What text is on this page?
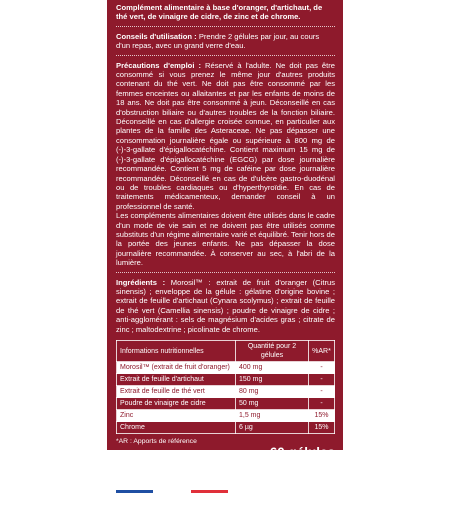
Complément alimentaire à base d'oranger, d'artichaut, de thé vert, de vinaigre de cidre, de zinc et de chrome.

Conseils d'utilisation : Prendre 2 gélules par jour, au cours d'un repas, avec un grand verre d'eau.

Précautions d'emploi : Réservé à l'adulte. Ne doit pas être consommé si vous prenez le même jour d'autres produits contenant du thé vert. Ne doit pas être consommé par les femmes enceintes ou allaitantes et par les enfants de moins de 18 ans. Ne doit pas être consommé à jeun. Déconseillé en cas d'obstruction biliaire ou d'autres troubles de la fonction biliaire. Déconseillé en cas d'allergie croisée connue, en particulier aux plantes de la famille des Asteraceae. Ne pas dépasser une consommation journalière égale ou supérieure à 800 mg de (-)-3-gallate d'épigallocatéchine. Contient maximum 15 mg de (-)-3-gallate d'épigallocatéchine (EGCG) par dose journalière recommandée. Contient 5 mg de caféine par dose journalière recommandée. Déconseillé en cas de d'ulcère gastro-duodénal ou de troubles cardiaques ou d'hyperthyroïdie. En cas de traitements médicamenteux, demander conseil à un professionnel de santé.

Les compléments alimentaires doivent être utilisés dans le cadre d'un mode de vie sain et ne doivent pas être utilisés comme substituts d'un régime alimentaire varié et équilibré. Tenir hors de la portée des jeunes enfants. Ne pas dépasser la dose journalière recommandée. À conserver au sec, à l'abri de la lumière.

Ingrédients : Morosil™ : extrait de fruit d'oranger (Citrus sinensis) ; enveloppe de la gélule : gélatine d'origine bovine ; extrait de feuille d'artichaut (Cynara scolymus) ; extrait de feuille de thé vert (Camellia sinensis) ; poudre de vinaigre de cidre ; anti-agglomérant : sels de magnésium d'acides gras ; citrate de zinc ; maltodextrine ; picolinate de chrome.

Informations nutritionnelles	Quantité pour 2 gélules	%AR*
Morosil™ (extrait de fruit d'oranger)	400 mg	-
Extrait de feuille d'artichaut	150 mg	-
Extrait de feuille de thé vert	80 mg	-
Poudre de vinaigre de cidre	50 mg	-
Zinc	1,5 mg	15%
Chrome	6 µg	15%
*AR : Apports de référence
60 gélules
Artichaut, thé vert et oranger : origine Europe et Hors Europe
FABRIQUÉ EN FRANCE
Poids net :
25,4 g
